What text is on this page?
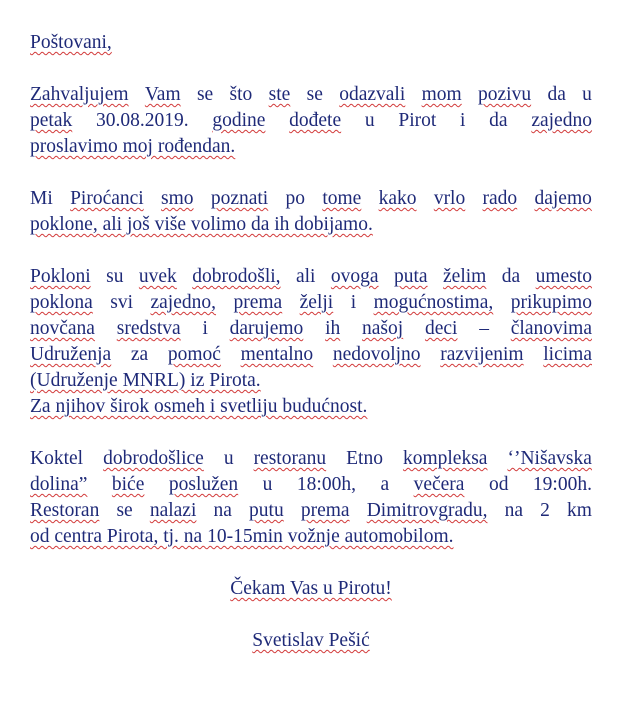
Poštovani,

Zahvaljujem Vam se što ste se odazvali mom pozivu da u
petak 30.08.2019. godine dođete u Pirot i da zajedno
proslavimo moj rođendan.
Mi Piroćanci smo poznati po tome kako vrlo rado dajemo
poklone, ali još više volimo da ih dobijamo.
Pokloni su uvek dobrodošli, ali ovoga puta želim da umesto
poklona svi zajedno, prema želji i mogućnostima, prikupimo
novčana sredstva i darujemo ih našoj deci – članovima
Udruženja za pomoć mentalno nedovoljno razvijenim licima
(Udruženje MNRL) iz Pirota.
Za njihov širok osmeh i svetliju budućnost.
Koktel dobrodošlice u restoranu Etno kompleksa ‘’Nišavska
dolina” biće poslužen u 18:00h, a večera od 19:00h.
Restoran se nalazi na putu prema Dimitrovgradu, na 2 km
od centra Pirota, tj. na 10-15min vožnje automobilom.

Čekam Vas u Pirotu!

Svetislav Pešić
